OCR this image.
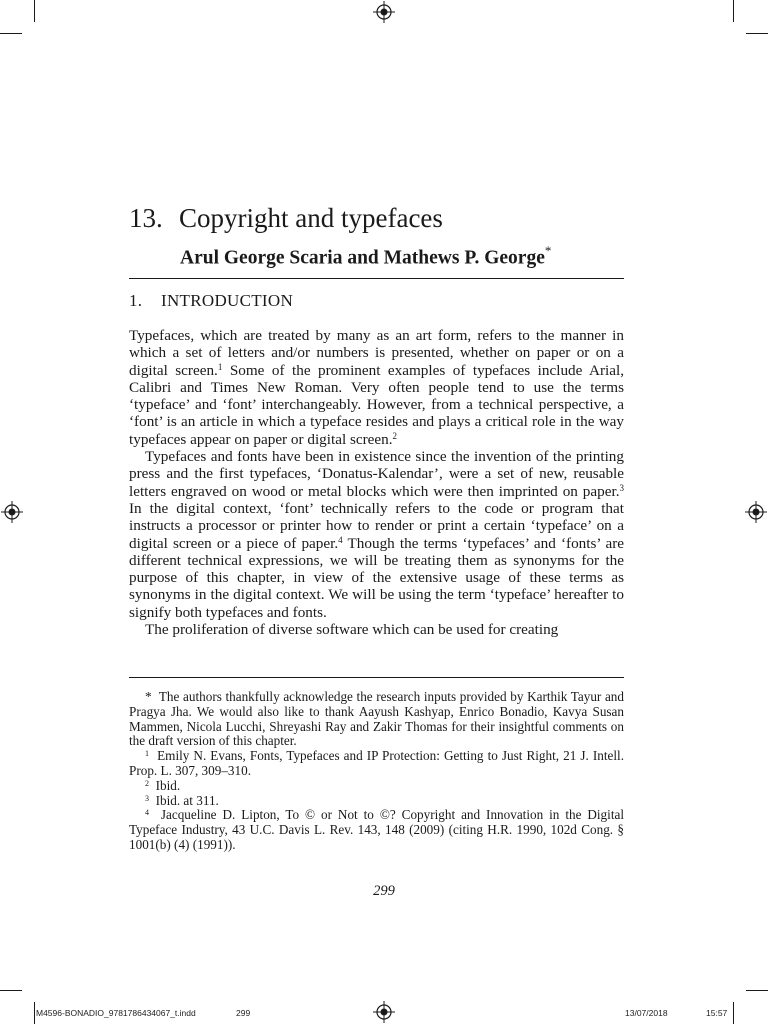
13. Copyright and typefaces
Arul George Scaria and Mathews P. George*
1. INTRODUCTION

Typefaces, which are treated by many as an art form, refers to the manner in which a set of letters and/or numbers is presented, whether on paper or on a digital screen.$^1$ Some of the prominent examples of typefaces include Arial, Calibri and Times New Roman. Very often people tend to use the terms ‘typeface’ and ‘font’ interchangeably. However, from a technical perspective, a ‘font’ is an article in which a typeface resides and plays a critical role in the way typefaces appear on paper or digital screen.$^2$

Typefaces and fonts have been in existence since the invention of the printing press and the first typefaces, ‘Donatus-Kalendar’, were a set of new, reusable letters engraved on wood or metal blocks which were then imprinted on paper.$^3$ In the digital context, ‘font’ technically refers to the code or program that instructs a processor or printer how to render or print a certain ‘typeface’ on a digital screen or a piece of paper.$^4$ Though the terms ‘typefaces’ and ‘fonts’ are different technical expressions, we will be treating them as synonyms for the purpose of this chapter, in view of the extensive usage of these terms as synonyms in the digital context. We will be using the term ‘typeface’ hereafter to signify both typefaces and fonts.

The proliferation of diverse software which can be used for creating

* The authors thankfully acknowledge the research inputs provided by Karthik Tayur and Pragya Jha. We would also like to thank Aayush Kashyap, Enrico Bonadio, Kavya Susan Mammen, Nicola Lucchi, Shreyashi Ray and Zakir Thomas for their insightful comments on the draft version of this chapter.

$^1$ Emily N. Evans, Fonts, Typefaces and IP Protection: Getting to Just Right, 21 J. Intell. Prop. L. 307, 309–310.

$^2$ Ibid.

$^3$ Ibid. at 311.

$^4$ Jacqueline D. Lipton, To © or Not to ©? Copyright and Innovation in the Digital Typeface Industry, 43 U.C. Davis L. Rev. 143, 148 (2009) (citing H.R. 1990, 102d Cong. § 1001(b) (4) (1991)).

299
M4596-BONADIO_9781786434067_t.indd	299	13/07/2018	15:57
